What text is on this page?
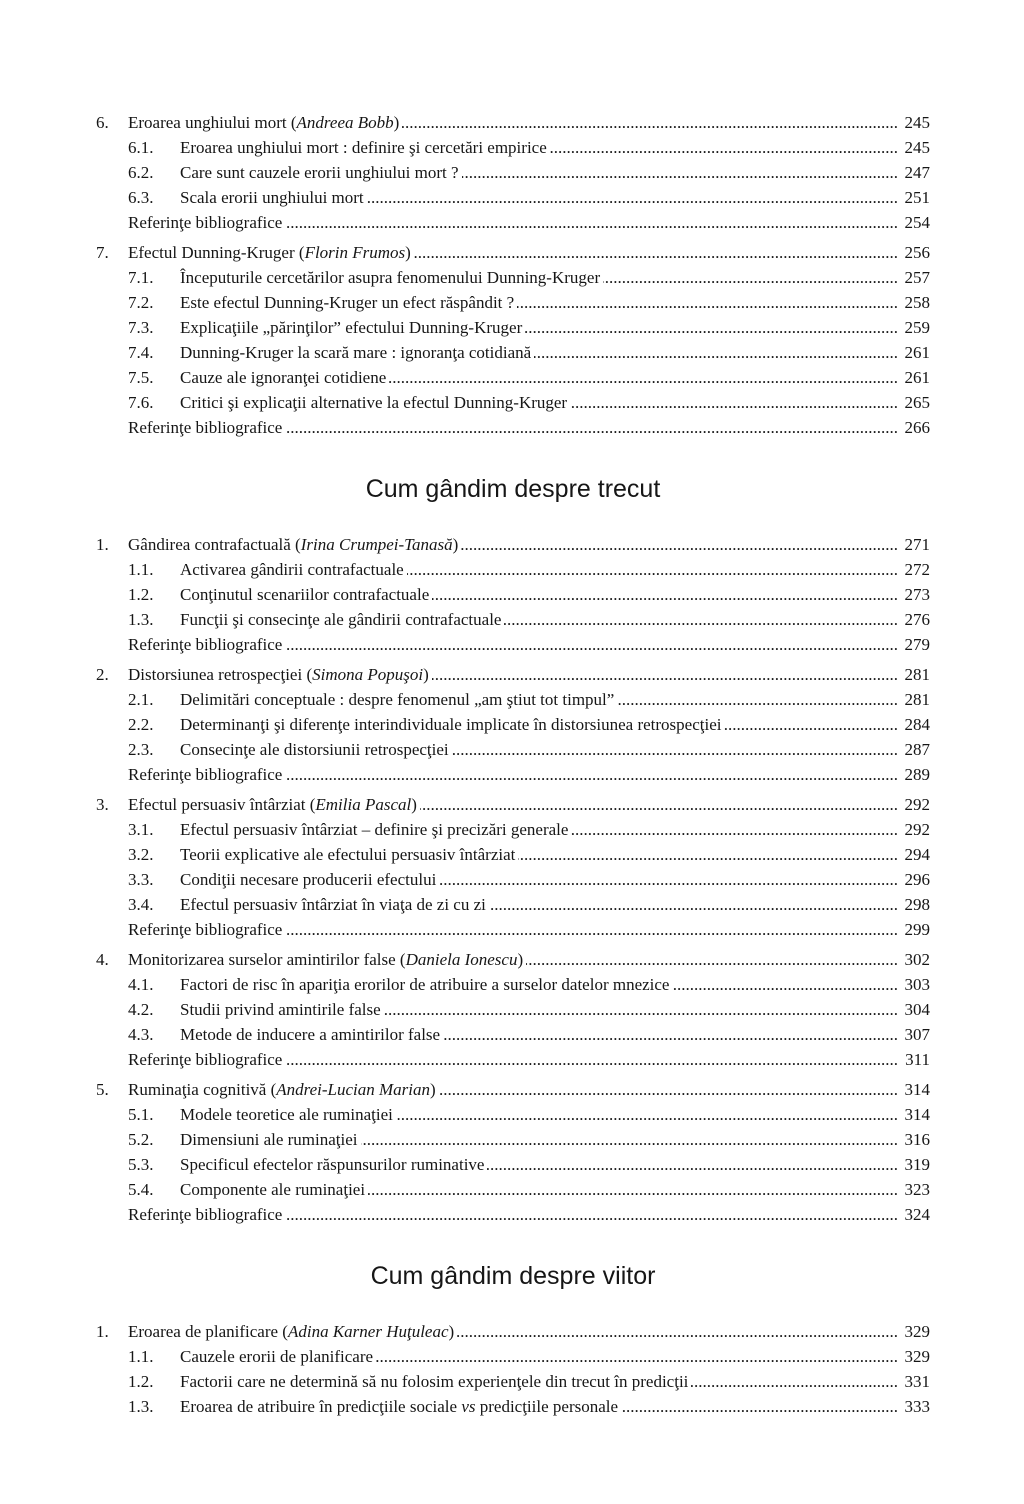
6.	Eroarea unghiului mort (Andreea Bobb) .....	245
6.1.	Eroarea unghiului mort : definire şi cercetări empirice .....	245
6.2.	Care sunt cauzele erorii unghiului mort ? .....	247
6.3.	Scala erorii unghiului mort .....	251
Referinţe bibliografice .....	254
7.	Efectul Dunning-Kruger (Florin Frumos) .....	256
7.1.	Începuturile cercetărilor asupra fenomenului Dunning-Kruger .....	257
7.2.	Este efectul Dunning-Kruger un efect răspândit ? .....	258
7.3.	Explicaţiile „părinţilor” efectului Dunning-Kruger .....	259
7.4.	Dunning-Kruger la scară mare : ignoranţa cotidiană .....	261
7.5.	Cauze ale ignoranţei cotidiene .....	261
7.6.	Critici şi explicaţii alternative la efectul Dunning-Kruger .....	265
Referinţe bibliografice .....	266
Cum gândim despre trecut
1.	Gândirea contrafactuală (Irina Crumpei-Tanasă) .....	271
1.1.	Activarea gândirii contrafactuale .....	272
1.2.	Conţinutul scenariilor contrafactuale .....	273
1.3.	Funcţii şi consecinţe ale gândirii contrafactuale .....	276
Referinţe bibliografice .....	279
2.	Distorsiunea retrospecţiei (Simona Popuşoi) .....	281
2.1.	Delimitări conceptuale : despre fenomenul „am ştiut tot timpul” .....	281
2.2.	Determinanţi şi diferenţe interindividuale implicate în distorsiunea retrospecţiei .....	284
2.3.	Consecinţe ale distorsiunii retrospecţiei .....	287
Referinţe bibliografice .....	289
3.	Efectul persuasiv întârziat (Emilia Pascal) .....	292
3.1.	Efectul persuasiv întârziat – definire şi precizări generale .....	292
3.2.	Teorii explicative ale efectului persuasiv întârziat .....	294
3.3.	Condiţii necesare producerii efectului .....	296
3.4.	Efectul persuasiv întârziat în viaţa de zi cu zi .....	298
Referinţe bibliografice .....	299
4.	Monitorizarea surselor amintirilor false (Daniela Ionescu) .....	302
4.1.	Factori de risc în apariţia erorilor de atribuire a surselor datelor mnezice .....	303
4.2.	Studii privind amintirile false .....	304
4.3.	Metode de inducere a amintirilor false .....	307
Referinţe bibliografice .....	311
5.	Ruminaţia cognitivă (Andrei-Lucian Marian) .....	314
5.1.	Modele teoretice ale ruminaţiei .....	314
5.2.	Dimensiuni ale ruminaţiei .....	316
5.3.	Specificul efectelor răspunsurilor ruminative .....	319
5.4.	Componente ale ruminaţiei .....	323
Referinţe bibliografice .....	324
Cum gândim despre viitor
1.	Eroarea de planificare (Adina Karner Huţuleac) .....	329
1.1.	Cauzele erorii de planificare .....	329
1.2.	Factorii care ne determină să nu folosim experienţele din trecut în predicţii .....	331
1.3.	Eroarea de atribuire în predicţiile sociale vs predicţiile personale .....	333
